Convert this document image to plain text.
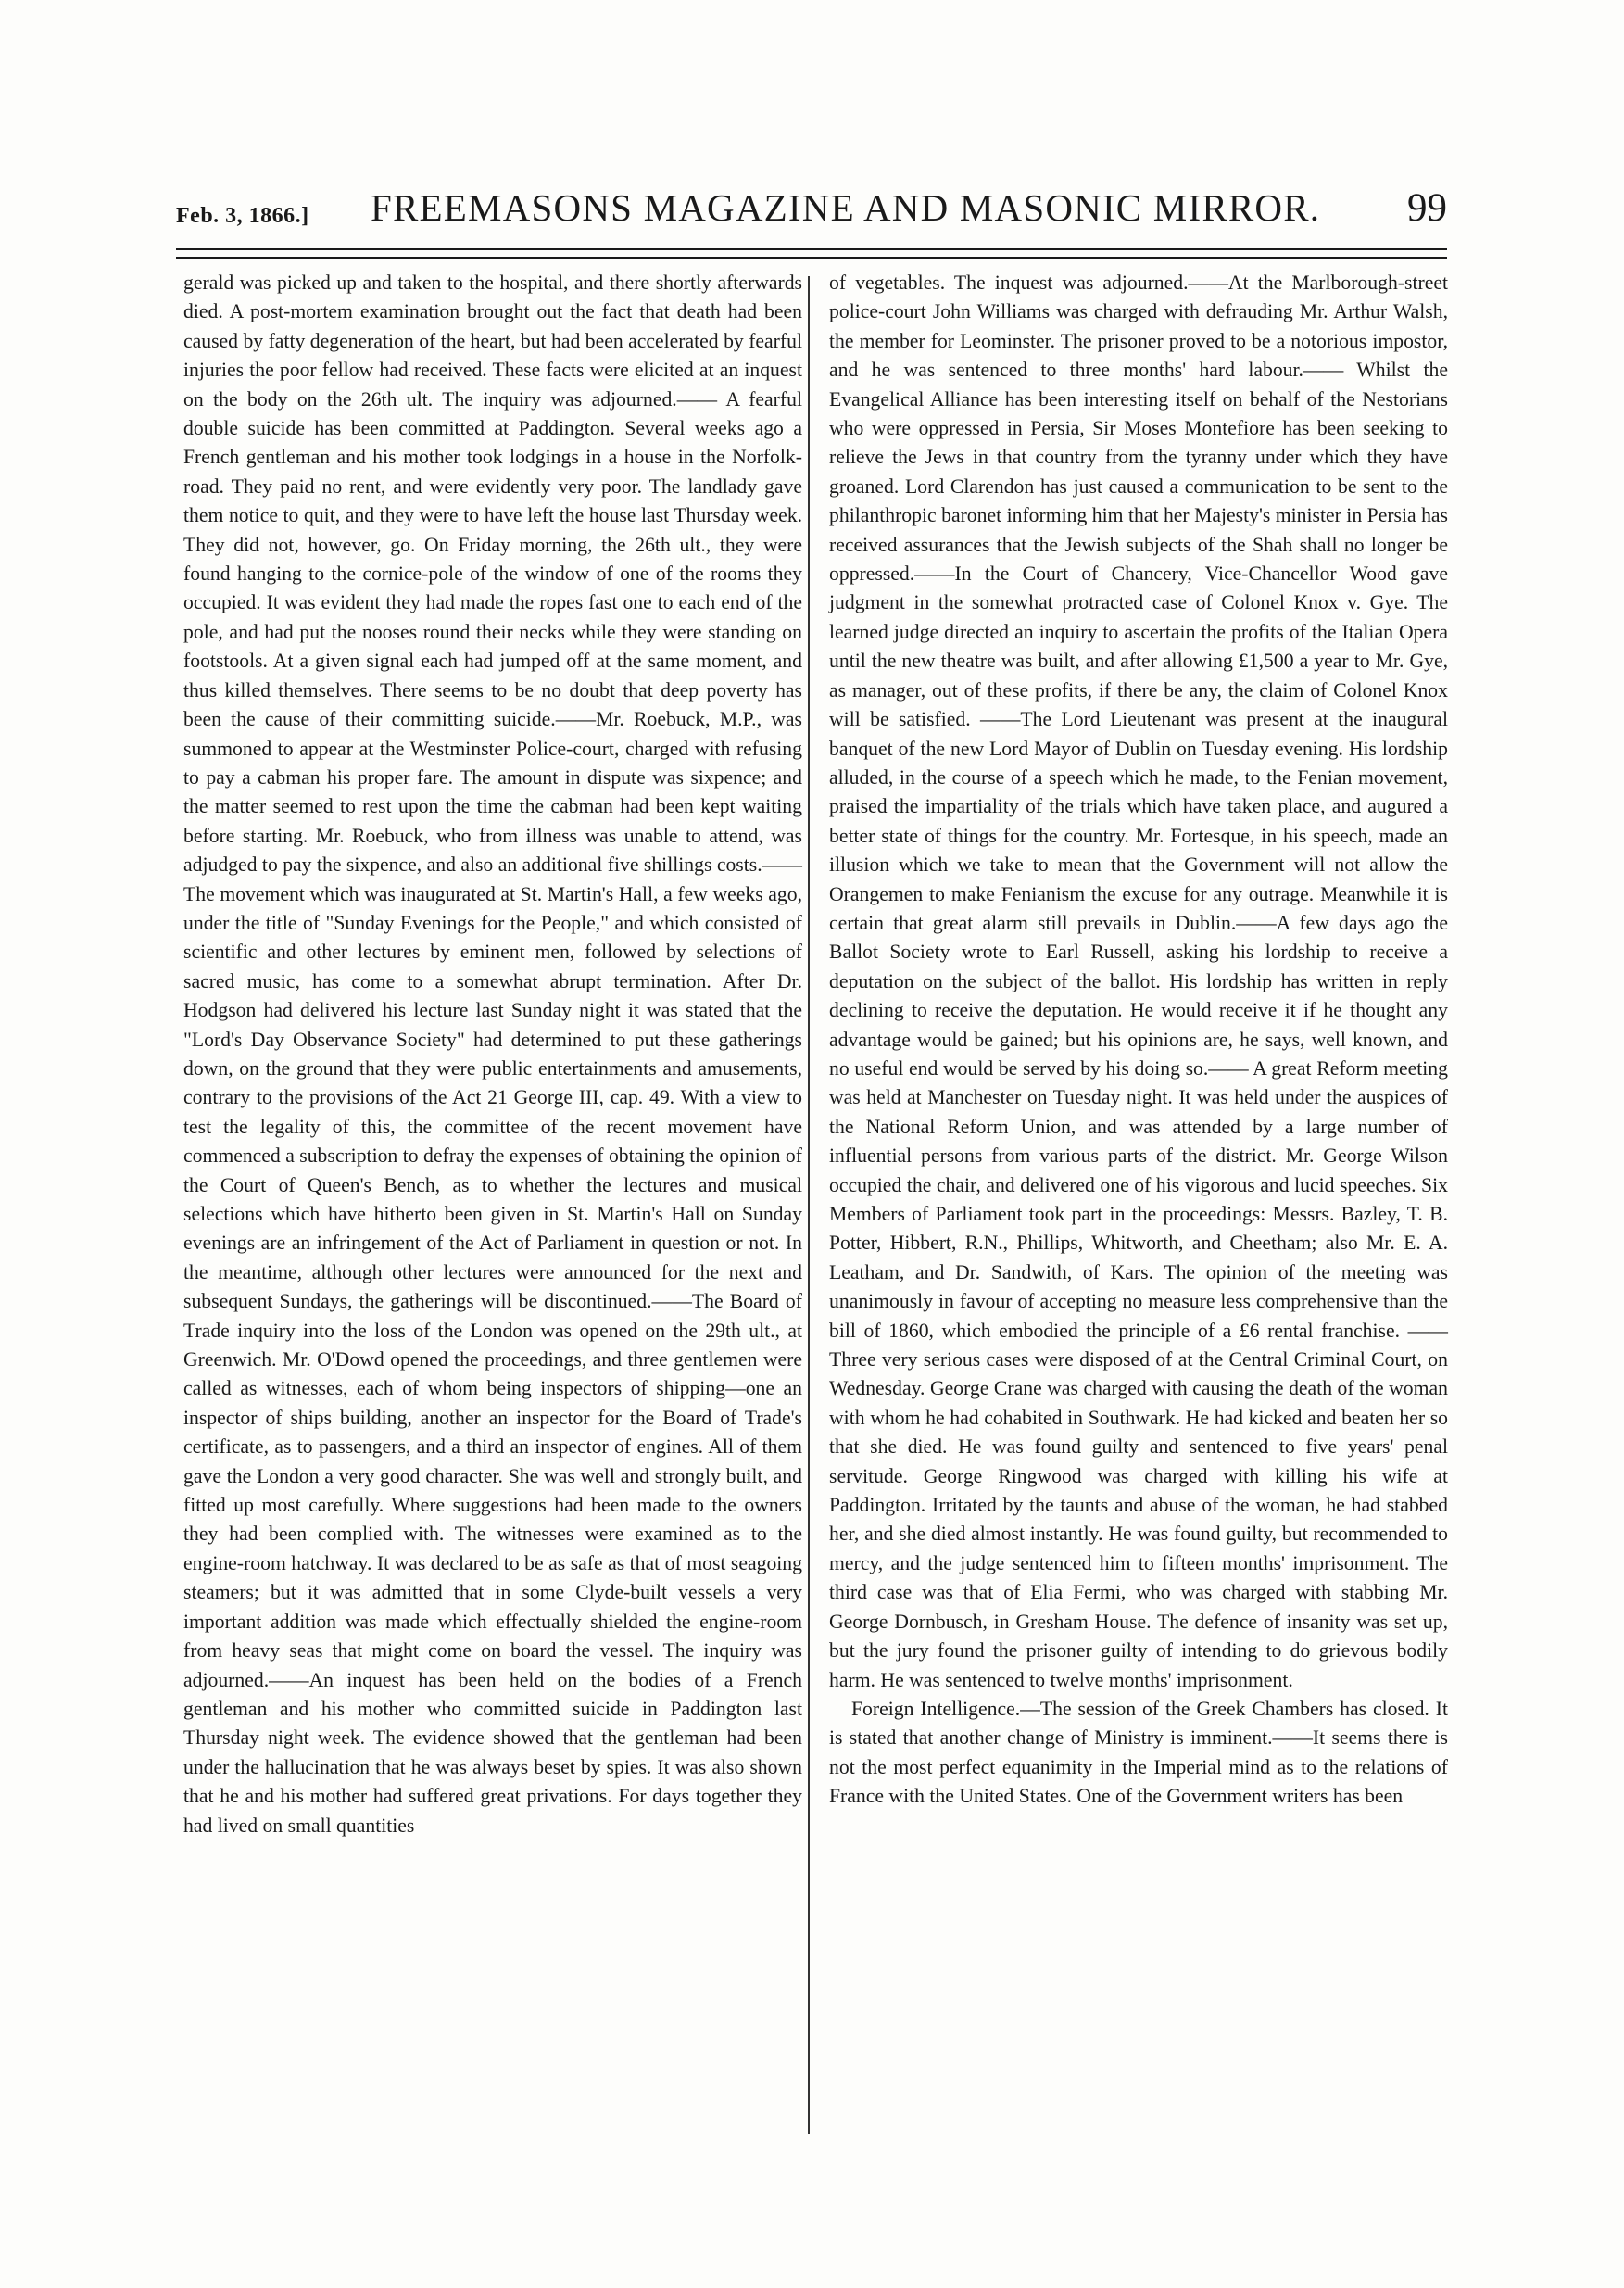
Feb. 3, 1866.] FREEMASONS MAGAZINE AND MASONIC MIRROR. 99

gerald was picked up and taken to the hospital, and there shortly afterwards died. A post-mortem examination brought out the fact that death had been caused by fatty degeneration of the heart, but had been accelerated by fearful injuries the poor fellow had received. These facts were elicited at an inquest on the body on the 26th ult. The inquiry was adjourned.—— A fearful double suicide has been committed at Paddington. Several weeks ago a French gentleman and his mother took lodgings in a house in the Norfolk-road. They paid no rent, and were evidently very poor. The landlady gave them notice to quit, and they were to have left the house last Thursday week. They did not, however, go. On Friday morning, the 26th ult., they were found hanging to the cornice-pole of the window of one of the rooms they occupied. It was evident they had made the ropes fast one to each end of the pole, and had put the nooses round their necks while they were standing on footstools. At a given signal each had jumped off at the same moment, and thus killed themselves. There seems to be no doubt that deep poverty has been the cause of their committing suicide.——Mr. Roebuck, M.P., was summoned to appear at the Westminster Police-court, charged with refusing to pay a cabman his proper fare. The amount in dispute was sixpence; and the matter seemed to rest upon the time the cabman had been kept waiting before starting. Mr. Roebuck, who from illness was unable to attend, was adjudged to pay the sixpence, and also an additional five shillings costs.—— The movement which was inaugurated at St. Martin's Hall, a few weeks ago, under the title of "Sunday Evenings for the People," and which consisted of scientific and other lectures by eminent men, followed by selections of sacred music, has come to a somewhat abrupt termination. After Dr. Hodgson had delivered his lecture last Sunday night it was stated that the "Lord's Day Observance Society" had determined to put these gatherings down, on the ground that they were public entertainments and amusements, contrary to the provisions of the Act 21 George III, cap. 49. With a view to test the legality of this, the committee of the recent movement have commenced a subscription to defray the expenses of obtaining the opinion of the Court of Queen's Bench, as to whether the lectures and musical selections which have hitherto been given in St. Martin's Hall on Sunday evenings are an infringement of the Act of Parliament in question or not. In the meantime, although other lectures were announced for the next and subsequent Sundays, the gatherings will be discontinued.——The Board of Trade inquiry into the loss of the London was opened on the 29th ult., at Greenwich. Mr. O'Dowd opened the proceedings, and three gentlemen were called as witnesses, each of whom being inspectors of shipping—one an inspector of ships building, another an inspector for the Board of Trade's certificate, as to passengers, and a third an inspector of engines. All of them gave the London a very good character. She was well and strongly built, and fitted up most carefully. Where suggestions had been made to the owners they had been complied with. The witnesses were examined as to the engine-room hatchway. It was declared to be as safe as that of most seagoing steamers; but it was admitted that in some Clyde-built vessels a very important addition was made which effectually shielded the engine-room from heavy seas that might come on board the vessel. The inquiry was adjourned.——An inquest has been held on the bodies of a French gentleman and his mother who committed suicide in Paddington last Thursday night week. The evidence showed that the gentleman had been under the hallucination that he was always beset by spies. It was also shown that he and his mother had suffered great privations. For days together they had lived on small quantities

of vegetables. The inquest was adjourned.——At the Marlborough-street police-court John Williams was charged with defrauding Mr. Arthur Walsh, the member for Leominster. The prisoner proved to be a notorious impostor, and he was sentenced to three months' hard labour.—— Whilst the Evangelical Alliance has been interesting itself on behalf of the Nestorians who were oppressed in Persia, Sir Moses Montefiore has been seeking to relieve the Jews in that country from the tyranny under which they have groaned. Lord Clarendon has just caused a communication to be sent to the philanthropic baronet informing him that her Majesty's minister in Persia has received assurances that the Jewish subjects of the Shah shall no longer be oppressed.——In the Court of Chancery, Vice-Chancellor Wood gave judgment in the somewhat protracted case of Colonel Knox v. Gye. The learned judge directed an inquiry to ascertain the profits of the Italian Opera until the new theatre was built, and after allowing £1,500 a year to Mr. Gye, as manager, out of these profits, if there be any, the claim of Colonel Knox will be satisfied. ——The Lord Lieutenant was present at the inaugural banquet of the new Lord Mayor of Dublin on Tuesday evening. His lordship alluded, in the course of a speech which he made, to the Fenian movement, praised the impartiality of the trials which have taken place, and augured a better state of things for the country. Mr. Fortesque, in his speech, made an illusion which we take to mean that the Government will not allow the Orangemen to make Fenianism the excuse for any outrage. Meanwhile it is certain that great alarm still prevails in Dublin.——A few days ago the Ballot Society wrote to Earl Russell, asking his lordship to receive a deputation on the subject of the ballot. His lordship has written in reply declining to receive the deputation. He would receive it if he thought any advantage would be gained; but his opinions are, he says, well known, and no useful end would be served by his doing so.—— A great Reform meeting was held at Manchester on Tuesday night. It was held under the auspices of the National Reform Union, and was attended by a large number of influential persons from various parts of the district. Mr. George Wilson occupied the chair, and delivered one of his vigorous and lucid speeches. Six Members of Parliament took part in the proceedings: Messrs. Bazley, T. B. Potter, Hibbert, R.N., Phillips, Whitworth, and Cheetham; also Mr. E. A. Leatham, and Dr. Sandwith, of Kars. The opinion of the meeting was unanimously in favour of accepting no measure less comprehensive than the bill of 1860, which embodied the principle of a £6 rental franchise. ——Three very serious cases were disposed of at the Central Criminal Court, on Wednesday. George Crane was charged with causing the death of the woman with whom he had cohabited in Southwark. He had kicked and beaten her so that she died. He was found guilty and sentenced to five years' penal servitude. George Ringwood was charged with killing his wife at Paddington. Irritated by the taunts and abuse of the woman, he had stabbed her, and she died almost instantly. He was found guilty, but recommended to mercy, and the judge sentenced him to fifteen months' imprisonment. The third case was that of Elia Fermi, who was charged with stabbing Mr. George Dornbusch, in Gresham House. The defence of insanity was set up, but the jury found the prisoner guilty of intending to do grievous bodily harm. He was sentenced to twelve months' imprisonment.

Foreign Intelligence.—The session of the Greek Chambers has closed. It is stated that another change of Ministry is imminent.——It seems there is not the most perfect equanimity in the Imperial mind as to the relations of France with the United States. One of the Government writers has been
